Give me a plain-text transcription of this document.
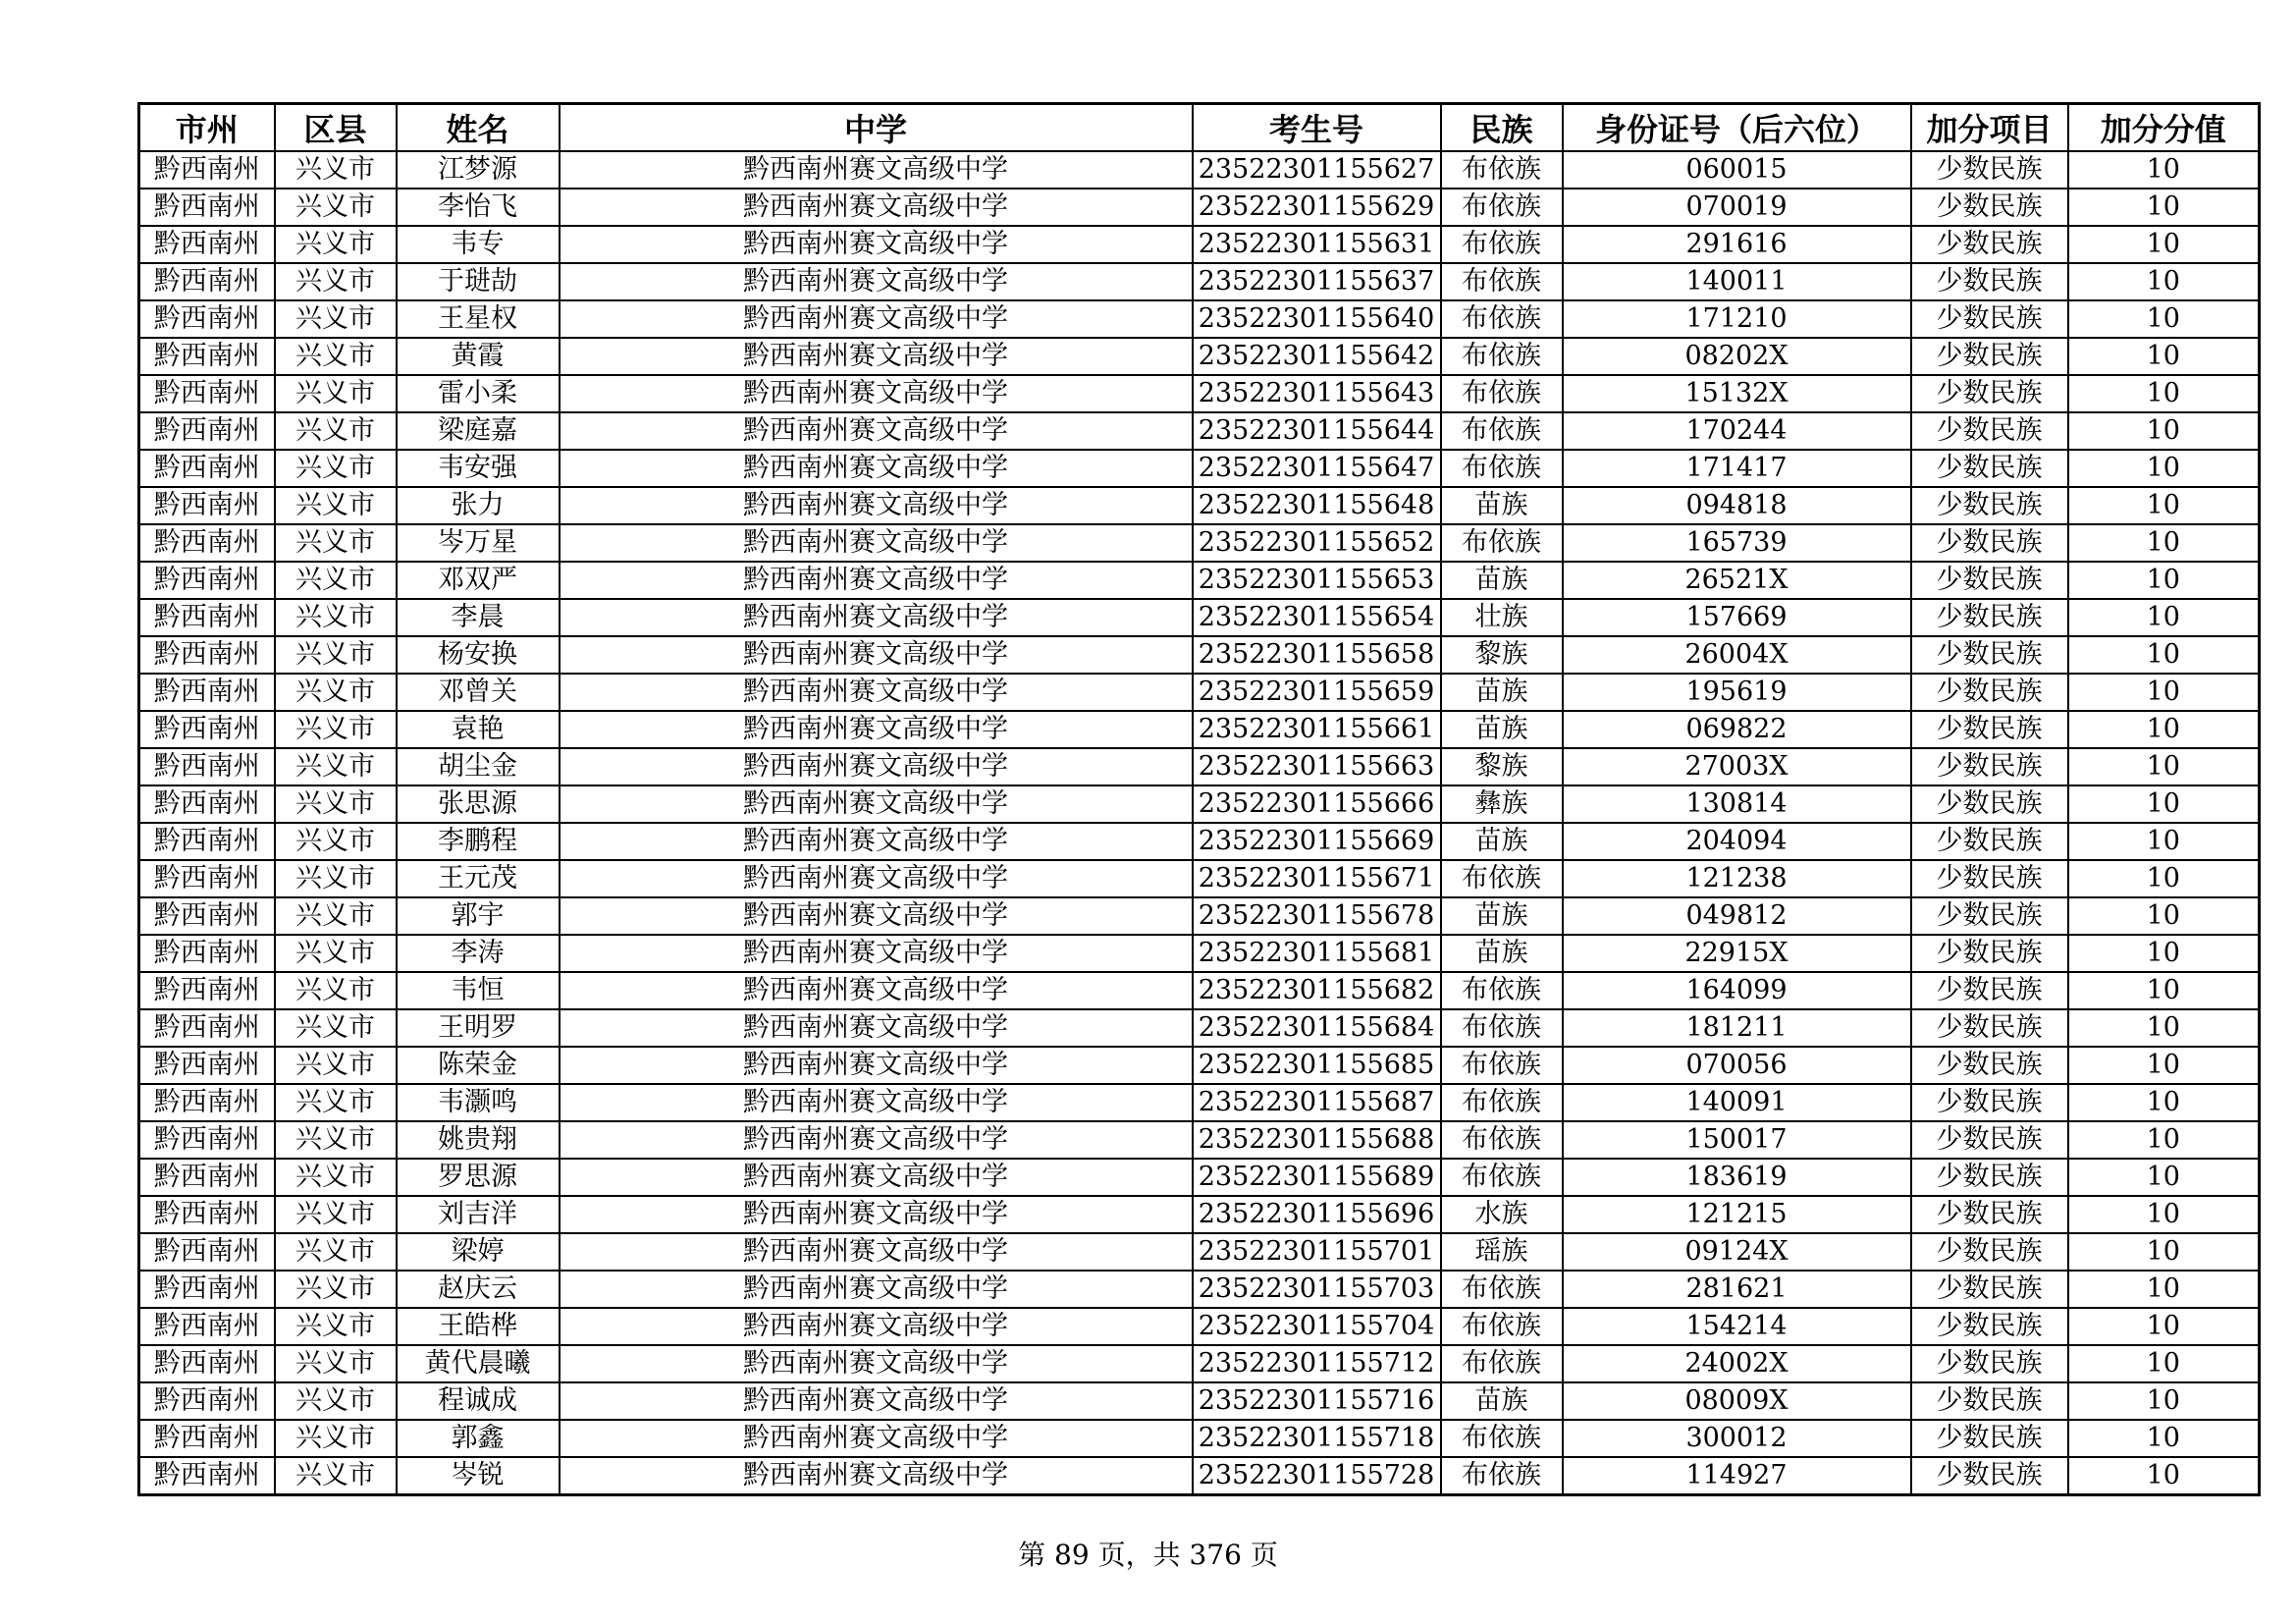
市州	区县	姓名	中学	考生号	民族	身份证号（后六位）	加分项目	加分分值
黔西南州	兴义市	江梦源	黔西南州赛文高级中学	23522301155627	布依族	060015	少数民族	10
黔西南州	兴义市	李怡飞	黔西南州赛文高级中学	23522301155629	布依族	070019	少数民族	10
黔西南州	兴义市	韦专	黔西南州赛文高级中学	23522301155631	布依族	291616	少数民族	10
黔西南州	兴义市	于琎劼	黔西南州赛文高级中学	23522301155637	布依族	140011	少数民族	10
黔西南州	兴义市	王星权	黔西南州赛文高级中学	23522301155640	布依族	171210	少数民族	10
黔西南州	兴义市	黄霞	黔西南州赛文高级中学	23522301155642	布依族	08202X	少数民族	10
黔西南州	兴义市	雷小柔	黔西南州赛文高级中学	23522301155643	布依族	15132X	少数民族	10
黔西南州	兴义市	梁庭嘉	黔西南州赛文高级中学	23522301155644	布依族	170244	少数民族	10
黔西南州	兴义市	韦安强	黔西南州赛文高级中学	23522301155647	布依族	171417	少数民族	10
黔西南州	兴义市	张力	黔西南州赛文高级中学	23522301155648	苗族	094818	少数民族	10
黔西南州	兴义市	岑万星	黔西南州赛文高级中学	23522301155652	布依族	165739	少数民族	10
黔西南州	兴义市	邓双严	黔西南州赛文高级中学	23522301155653	苗族	26521X	少数民族	10
黔西南州	兴义市	李晨	黔西南州赛文高级中学	23522301155654	壮族	157669	少数民族	10
黔西南州	兴义市	杨安换	黔西南州赛文高级中学	23522301155658	黎族	26004X	少数民族	10
黔西南州	兴义市	邓曾关	黔西南州赛文高级中学	23522301155659	苗族	195619	少数民族	10
黔西南州	兴义市	袁艳	黔西南州赛文高级中学	23522301155661	苗族	069822	少数民族	10
黔西南州	兴义市	胡尘金	黔西南州赛文高级中学	23522301155663	黎族	27003X	少数民族	10
黔西南州	兴义市	张思源	黔西南州赛文高级中学	23522301155666	彝族	130814	少数民族	10
黔西南州	兴义市	李鹏程	黔西南州赛文高级中学	23522301155669	苗族	204094	少数民族	10
黔西南州	兴义市	王元茂	黔西南州赛文高级中学	23522301155671	布依族	121238	少数民族	10
黔西南州	兴义市	郭宇	黔西南州赛文高级中学	23522301155678	苗族	049812	少数民族	10
黔西南州	兴义市	李涛	黔西南州赛文高级中学	23522301155681	苗族	22915X	少数民族	10
黔西南州	兴义市	韦恒	黔西南州赛文高级中学	23522301155682	布依族	164099	少数民族	10
黔西南州	兴义市	王明罗	黔西南州赛文高级中学	23522301155684	布依族	181211	少数民族	10
黔西南州	兴义市	陈荣金	黔西南州赛文高级中学	23522301155685	布依族	070056	少数民族	10
黔西南州	兴义市	韦灏鸣	黔西南州赛文高级中学	23522301155687	布依族	140091	少数民族	10
黔西南州	兴义市	姚贵翔	黔西南州赛文高级中学	23522301155688	布依族	150017	少数民族	10
黔西南州	兴义市	罗思源	黔西南州赛文高级中学	23522301155689	布依族	183619	少数民族	10
黔西南州	兴义市	刘吉洋	黔西南州赛文高级中学	23522301155696	水族	121215	少数民族	10
黔西南州	兴义市	梁婷	黔西南州赛文高级中学	23522301155701	瑶族	09124X	少数民族	10
黔西南州	兴义市	赵庆云	黔西南州赛文高级中学	23522301155703	布依族	281621	少数民族	10
黔西南州	兴义市	王皓桦	黔西南州赛文高级中学	23522301155704	布依族	154214	少数民族	10
黔西南州	兴义市	黄代晨曦	黔西南州赛文高级中学	23522301155712	布依族	24002X	少数民族	10
黔西南州	兴义市	程诚成	黔西南州赛文高级中学	23522301155716	苗族	08009X	少数民族	10
黔西南州	兴义市	郭鑫	黔西南州赛文高级中学	23522301155718	布依族	300012	少数民族	10
黔西南州	兴义市	岑锐	黔西南州赛文高级中学	23522301155728	布依族	114927	少数民族	10
第 89 页，共 376 页
